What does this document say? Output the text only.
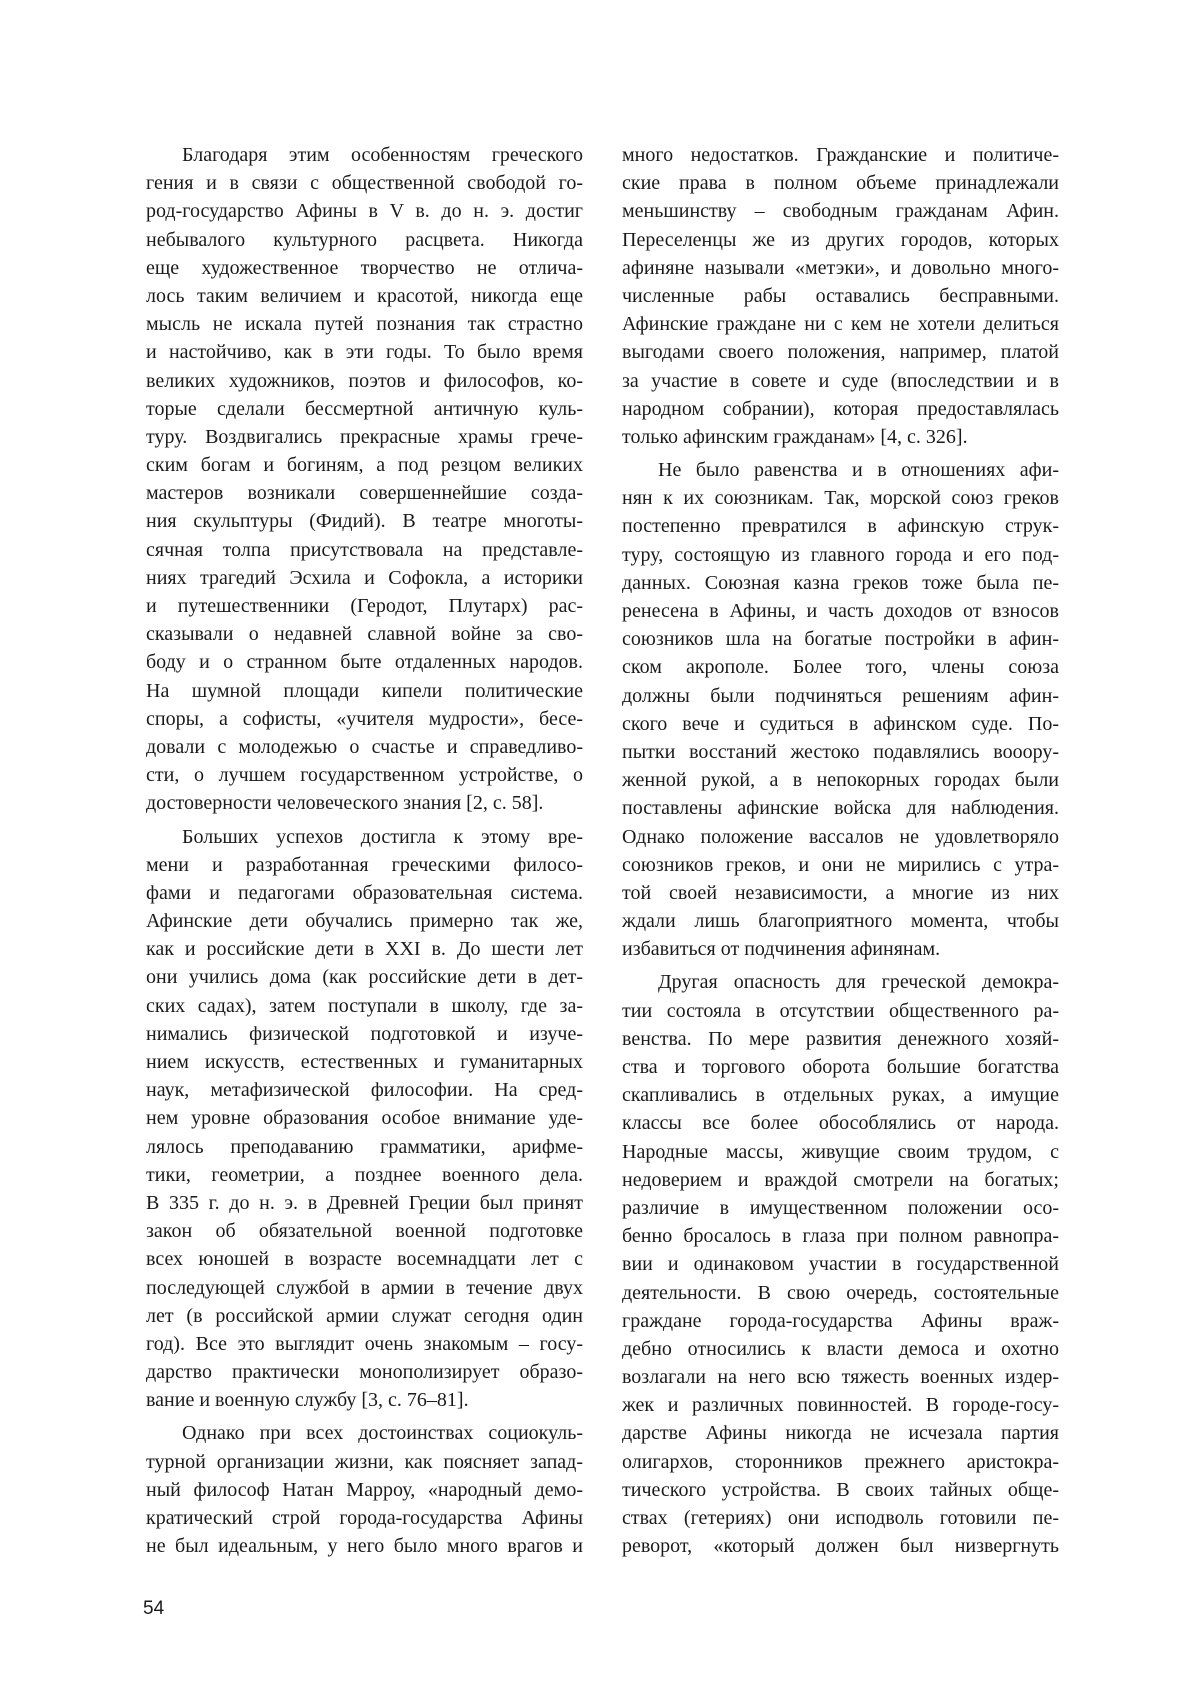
Благодаря этим особенностям греческого
гения и в связи с общественной свободой го-
род-государство Афины в V в. до н. э. достиг
небывалого культурного расцвета. Никогда
еще художественное творчество не отлича-
лось таким величием и красотой, никогда еще
мысль не искала путей познания так страстно
и настойчиво, как в эти годы. То было время
великих художников, поэтов и философов, ко-
торые сделали бессмертной античную куль-
туру. Воздвигались прекрасные храмы грече-
ским богам и богиням, а под резцом великих
мастеров возникали совершеннейшие созда-
ния скульптуры (Фидий). В театре многоты-
сячная толпа присутствовала на представле-
ниях трагедий Эсхила и Софокла, а историки
и путешественники (Геродот, Плутарх) рас-
сказывали о недавней славной войне за сво-
боду и о странном быте отдаленных народов.
На шумной площади кипели политические
споры, а софисты, «учителя мудрости», бесе-
довали с молодежью о счастье и справедливо-
сти, о лучшем государственном устройстве, о
достоверности человеческого знания [2, с. 58].
Больших успехов достигла к этому вре-
мени и разработанная греческими филосо-
фами и педагогами образовательная система.
Афинские дети обучались примерно так же,
как и российские дети в XXI в. До шести лет
они учились дома (как российские дети в дет-
ских садах), затем поступали в школу, где за-
нимались физической подготовкой и изуче-
нием искусств, естественных и гуманитарных
наук, метафизической философии. На сред-
нем уровне образования особое внимание уде-
лялось преподаванию грамматики, арифме-
тики, геометрии, а позднее военного дела.
В 335 г. до н. э. в Древней Греции был принят
закон об обязательной военной подготовке
всех юношей в возрасте восемнадцати лет с
последующей службой в армии в течение двух
лет (в российской армии служат сегодня один
год). Все это выглядит очень знакомым – госу-
дарство практически монополизирует образо-
вание и военную службу [3, с. 76–81].
Однако при всех достоинствах социокуль-
турной организации жизни, как поясняет запад-
ный философ Натан Марроу, «народный демо-
кратический строй города-государства Афины
не был идеальным, у него было много врагов и
много недостатков. Гражданские и политиче-
ские права в полном объеме принадлежали
меньшинству – свободным гражданам Афин.
Переселенцы же из других городов, которых
афиняне называли «метэки», и довольно много-
численные рабы оставались бесправными.
Афинские граждане ни с кем не хотели делиться
выгодами своего положения, например, платой
за участие в совете и суде (впоследствии и в
народном собрании), которая предоставлялась
только афинским гражданам» [4, с. 326].
Не было равенства и в отношениях афи-
нян к их союзникам. Так, морской союз греков
постепенно превратился в афинскую струк-
туру, состоящую из главного города и его под-
данных. Союзная казна греков тоже была пе-
ренесена в Афины, и часть доходов от взносов
союзников шла на богатые постройки в афин-
ском акрополе. Более того, члены союза
должны были подчиняться решениям афин-
ского вече и судиться в афинском суде. По-
пытки восстаний жестоко подавлялись вооору-
женной рукой, а в непокорных городах были
поставлены афинские войска для наблюдения.
Однако положение вассалов не удовлетворяло
союзников греков, и они не мирились с утра-
той своей независимости, а многие из них
ждали лишь благоприятного момента, чтобы
избавиться от подчинения афинянам.
Другая опасность для греческой демокра-
тии состояла в отсутствии общественного ра-
венства. По мере развития денежного хозяй-
ства и торгового оборота большие богатства
скапливались в отдельных руках, а имущие
классы все более обособлялись от народа.
Народные массы, живущие своим трудом, с
недоверием и враждой смотрели на богатых;
различие в имущественном положении осо-
бенно бросалось в глаза при полном равнопра-
вии и одинаковом участии в государственной
деятельности. В свою очередь, состоятельные
граждане города-государства Афины враж-
дебно относились к власти демоса и охотно
возлагали на него всю тяжесть военных издер-
жек и различных повинностей. В городе-госу-
дарстве Афины никогда не исчезала партия
олигархов, сторонников прежнего аристокра-
тического устройства. В своих тайных обще-
ствах (гетериях) они исподволь готовили пе-
реворот, «который должен был низвергнуть
54
